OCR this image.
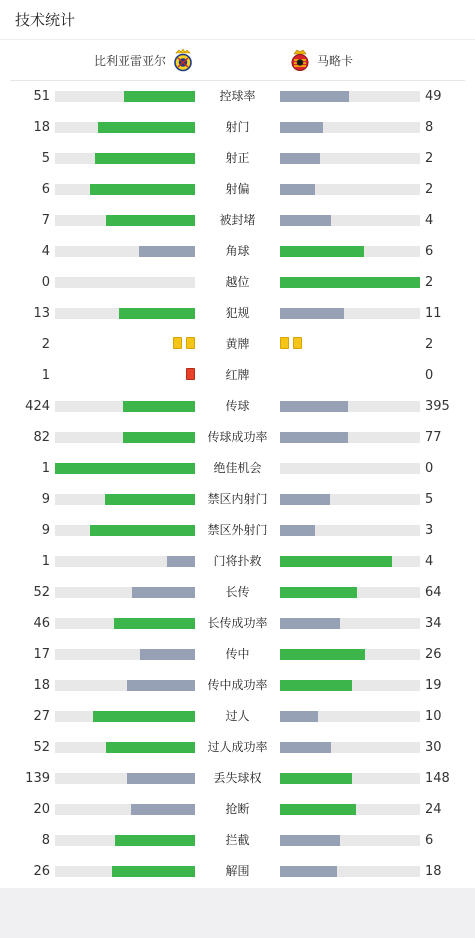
技术统计
比利亚雷亚尔	马略卡
51	控球率	49
18	射门	8
5	射正	2
6	射偏	2
7	被封堵	4
4	角球	6
0	越位	2
13	犯规	11
2	黄牌	2
1	红牌	0
424	传球	395
82	传球成功率	77
1	绝佳机会	0
9	禁区内射门	5
9	禁区外射门	3
1	门将扑救	4
52	长传	64
46	长传成功率	34
17	传中	26
18	传中成功率	19
27	过人	10
52	过人成功率	30
139	丢失球权	148
20	抢断	24
8	拦截	6
26	解围	18
